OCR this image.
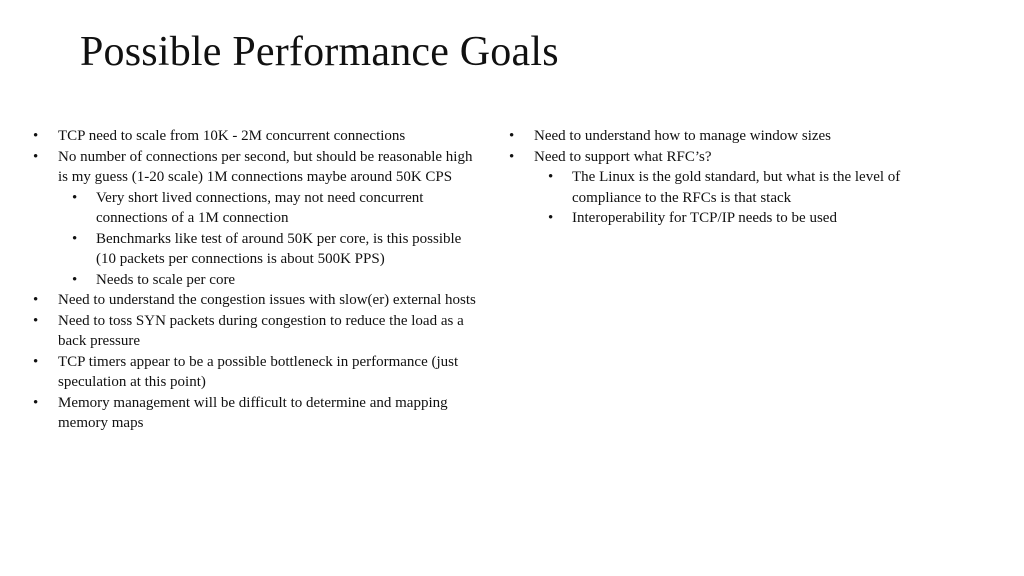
Possible Performance Goals
• TCP need to scale from 10K - 2M concurrent connections
• No number of connections per second, but should be reasonable high is my guess (1-20 scale) 1M connections maybe around 50K CPS
• Very short lived connections, may not need concurrent connections of a 1M connection
• Benchmarks like test of around 50K per core, is this possible (10 packets per connections is about 500K PPS)
• Needs to scale per core
• Need to understand the congestion issues with slow(er) external hosts
• Need to toss SYN packets during congestion to reduce the load as a back pressure
• TCP timers appear to be a possible bottleneck in performance (just speculation at this point)
• Memory management will be difficult to determine and mapping memory maps
• Need to understand how to manage window sizes
• Need to support what RFC’s?
• The Linux is the gold standard, but what is the level of compliance to the RFCs is that stack
• Interoperability for TCP/IP needs to be used
